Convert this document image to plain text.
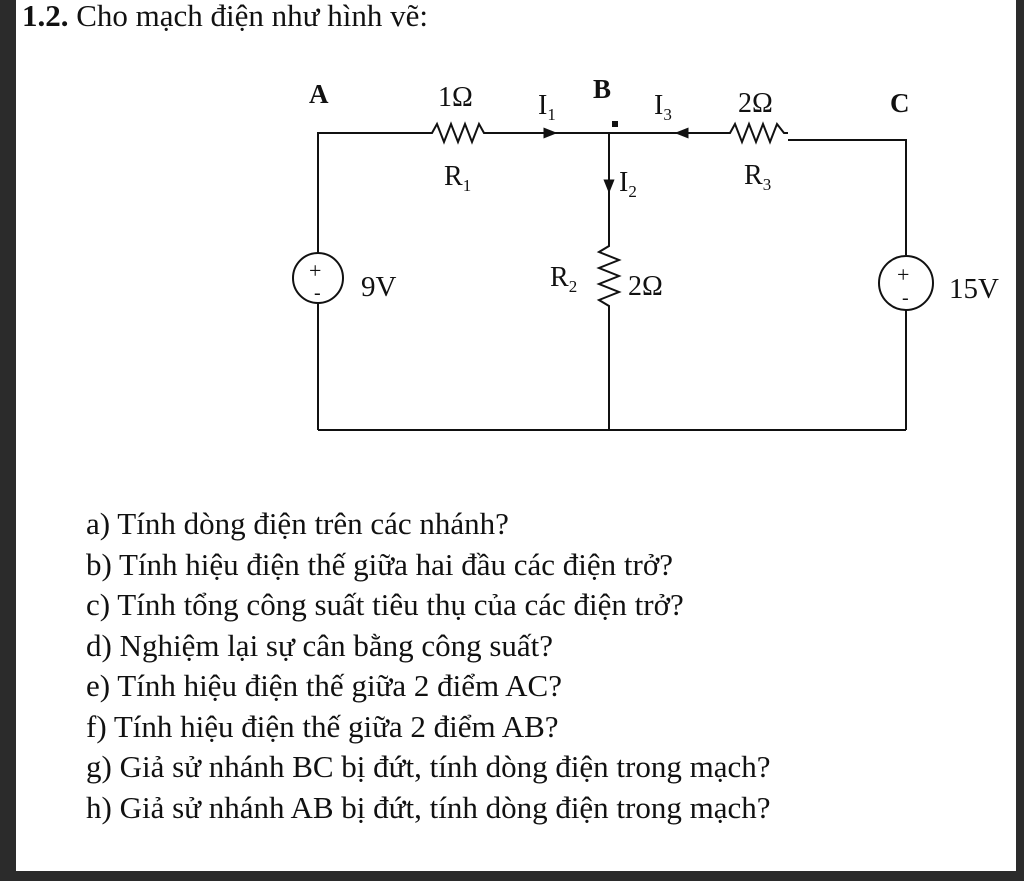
1.2. Cho mạch điện như hình vẽ:
A	B	C
1Ω	2Ω
2Ω
$R_1$	$R_3$
$R_2$
$I_1$	$I_3$
$I_2$
+
-
+
-
9V	15V
a) Tính dòng điện trên các nhánh?
b) Tính hiệu điện thế giữa hai đầu các điện trở?
c) Tính tổng công suất tiêu thụ của các điện trở?
d) Nghiệm lại sự cân bằng công suất?
e) Tính hiệu điện thế giữa 2 điểm AC?
f) Tính hiệu điện thế giữa 2 điểm AB?
g) Giả sử nhánh BC bị đứt, tính dòng điện trong mạch?
h) Giả sử nhánh AB bị đứt, tính dòng điện trong mạch?
